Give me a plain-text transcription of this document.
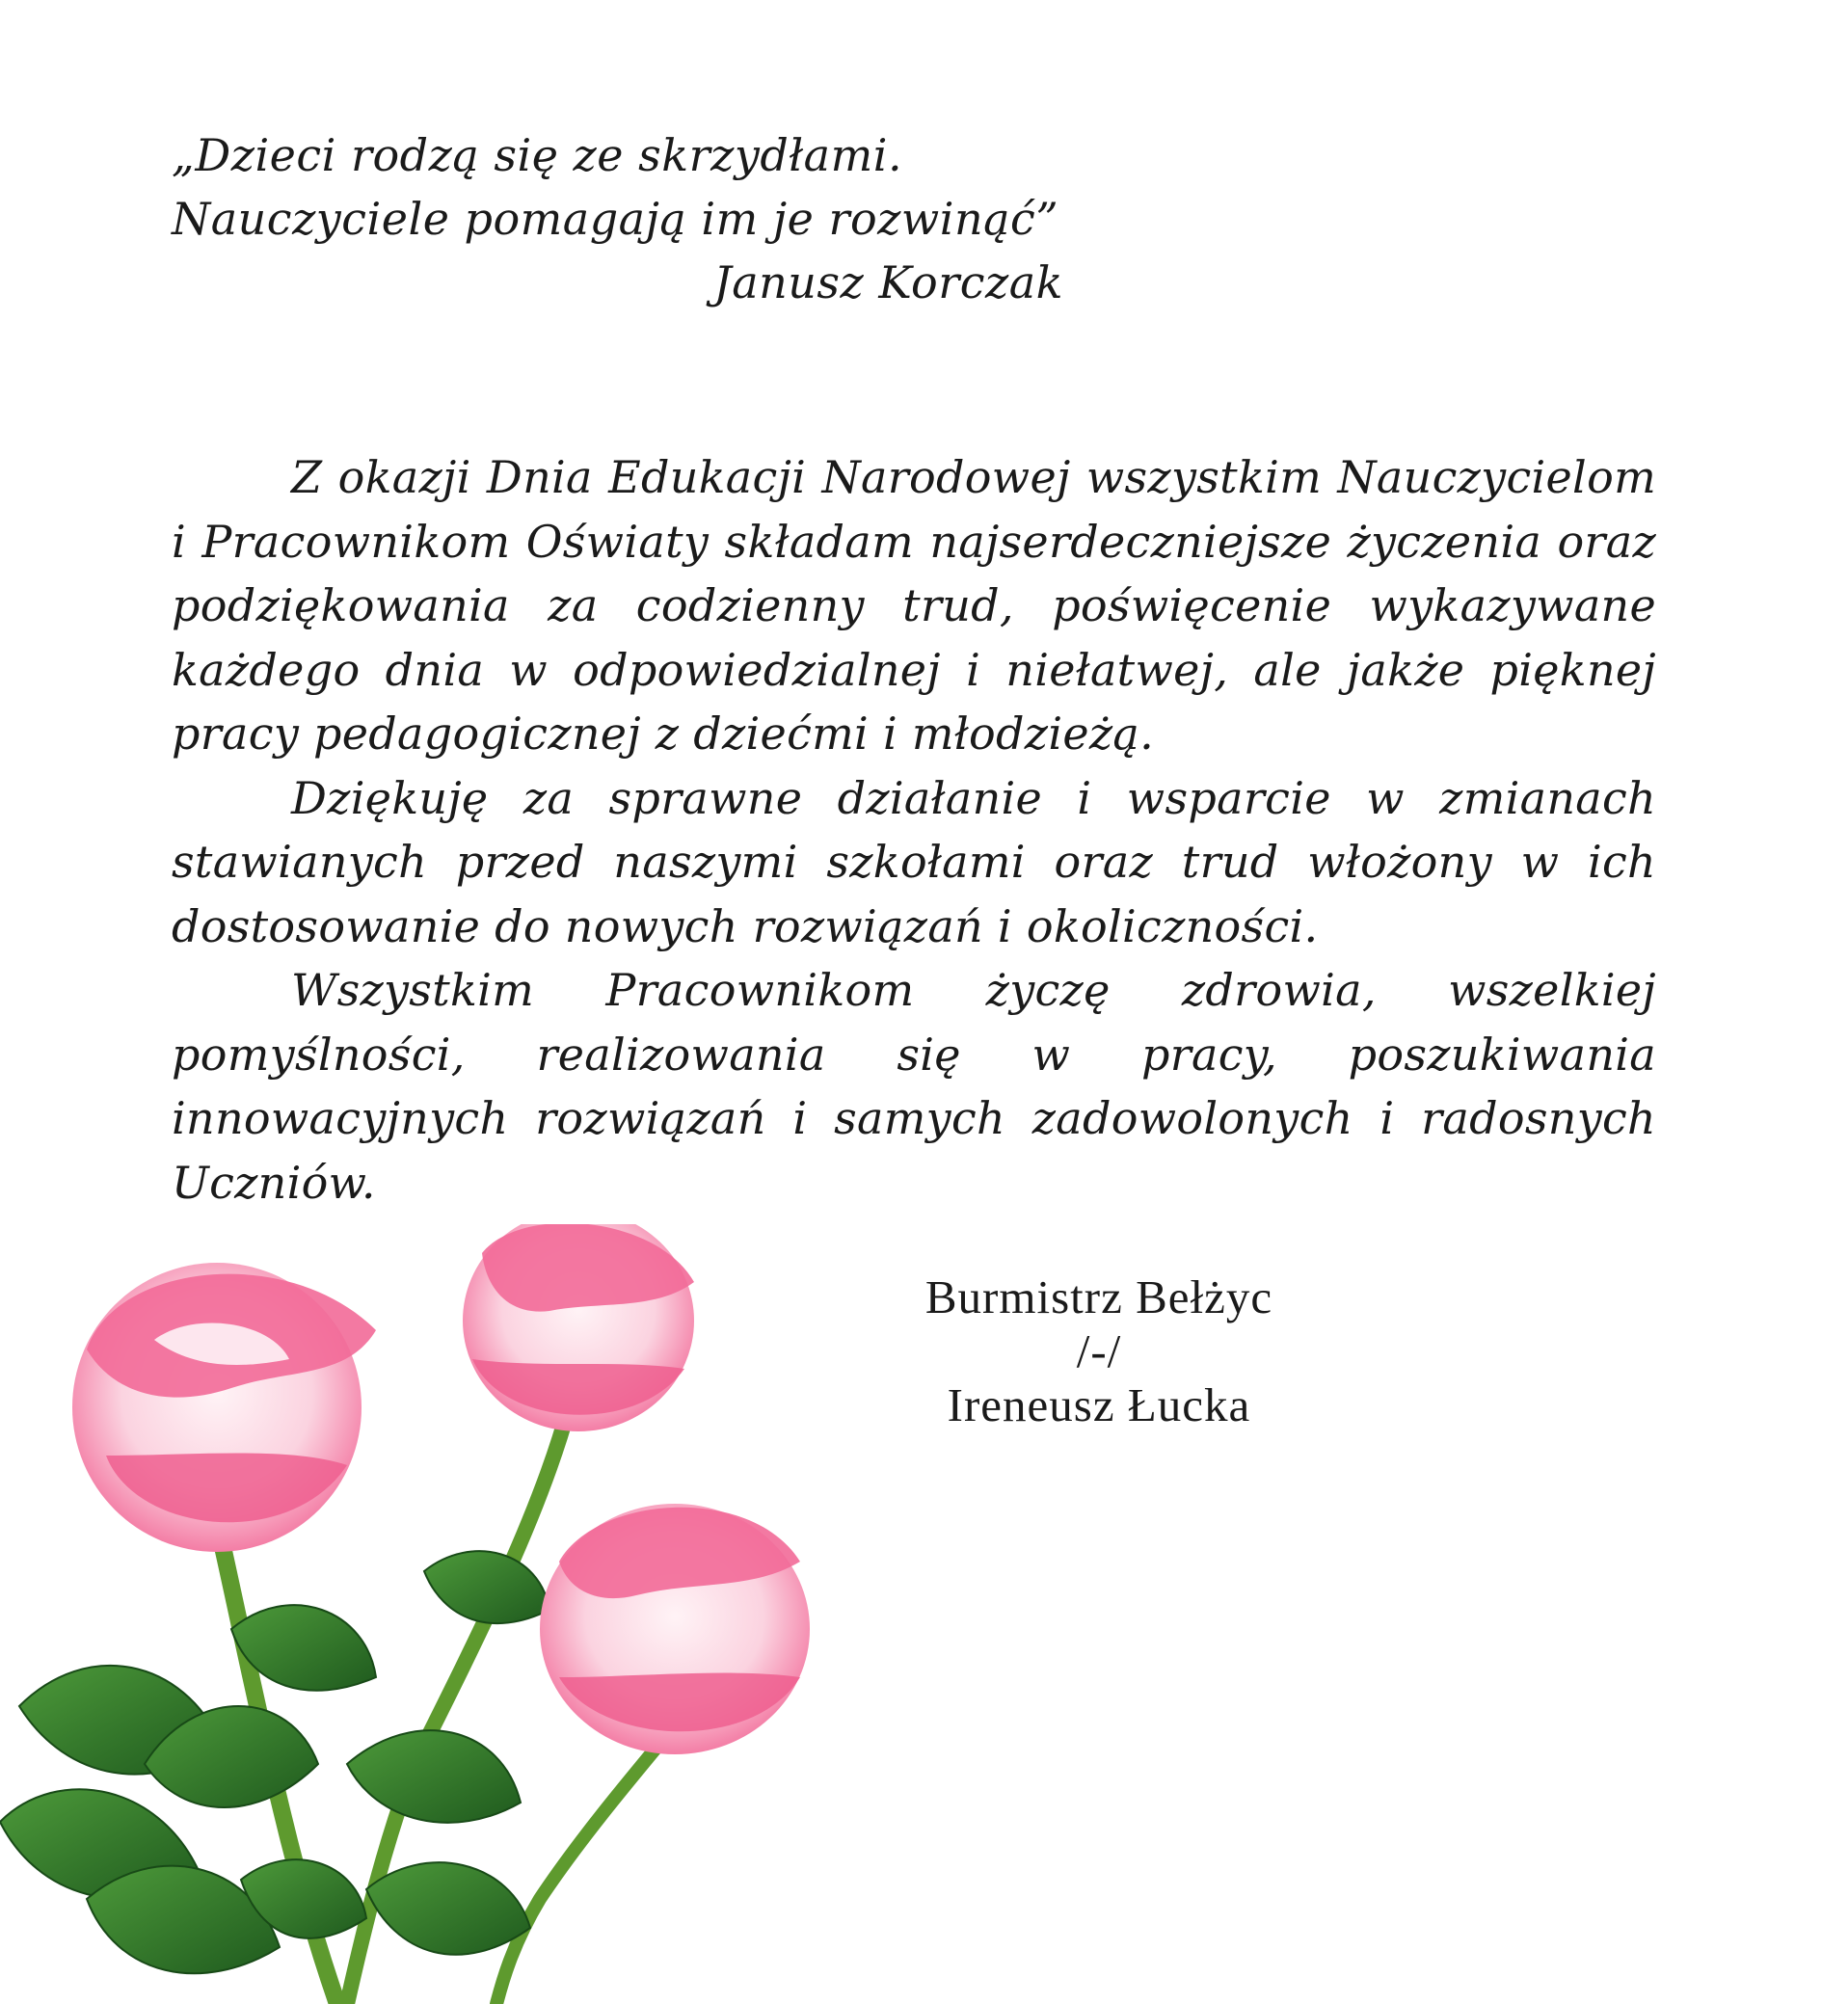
„Dzieci rodzą się ze skrzydłami.
Nauczyciele pomagają im je rozwinąć”
Janusz Korczak

Z okazji Dnia Edukacji Narodowej wszystkim Nauczycielom i Pracownikom Oświaty składam najserdeczniejsze życzenia oraz podziękowania za codzienny trud, poświęcenie wykazywane każdego dnia w odpowiedzialnej i niełatwej, ale jakże pięknej pracy pedagogicznej z dziećmi i młodzieżą.

Dziękuję za sprawne działanie i wsparcie w zmianach stawianych przed naszymi szkołami oraz trud włożony w ich dostosowanie do nowych rozwiązań i okoliczności.

Wszystkim Pracownikom życzę zdrowia, wszelkiej pomyślności, realizowania się w pracy, poszukiwania innowacyjnych rozwiązań i samych zadowolonych i radosnych Uczniów.

Burmistrz Bełżyc
/-/
Ireneusz Łucka
